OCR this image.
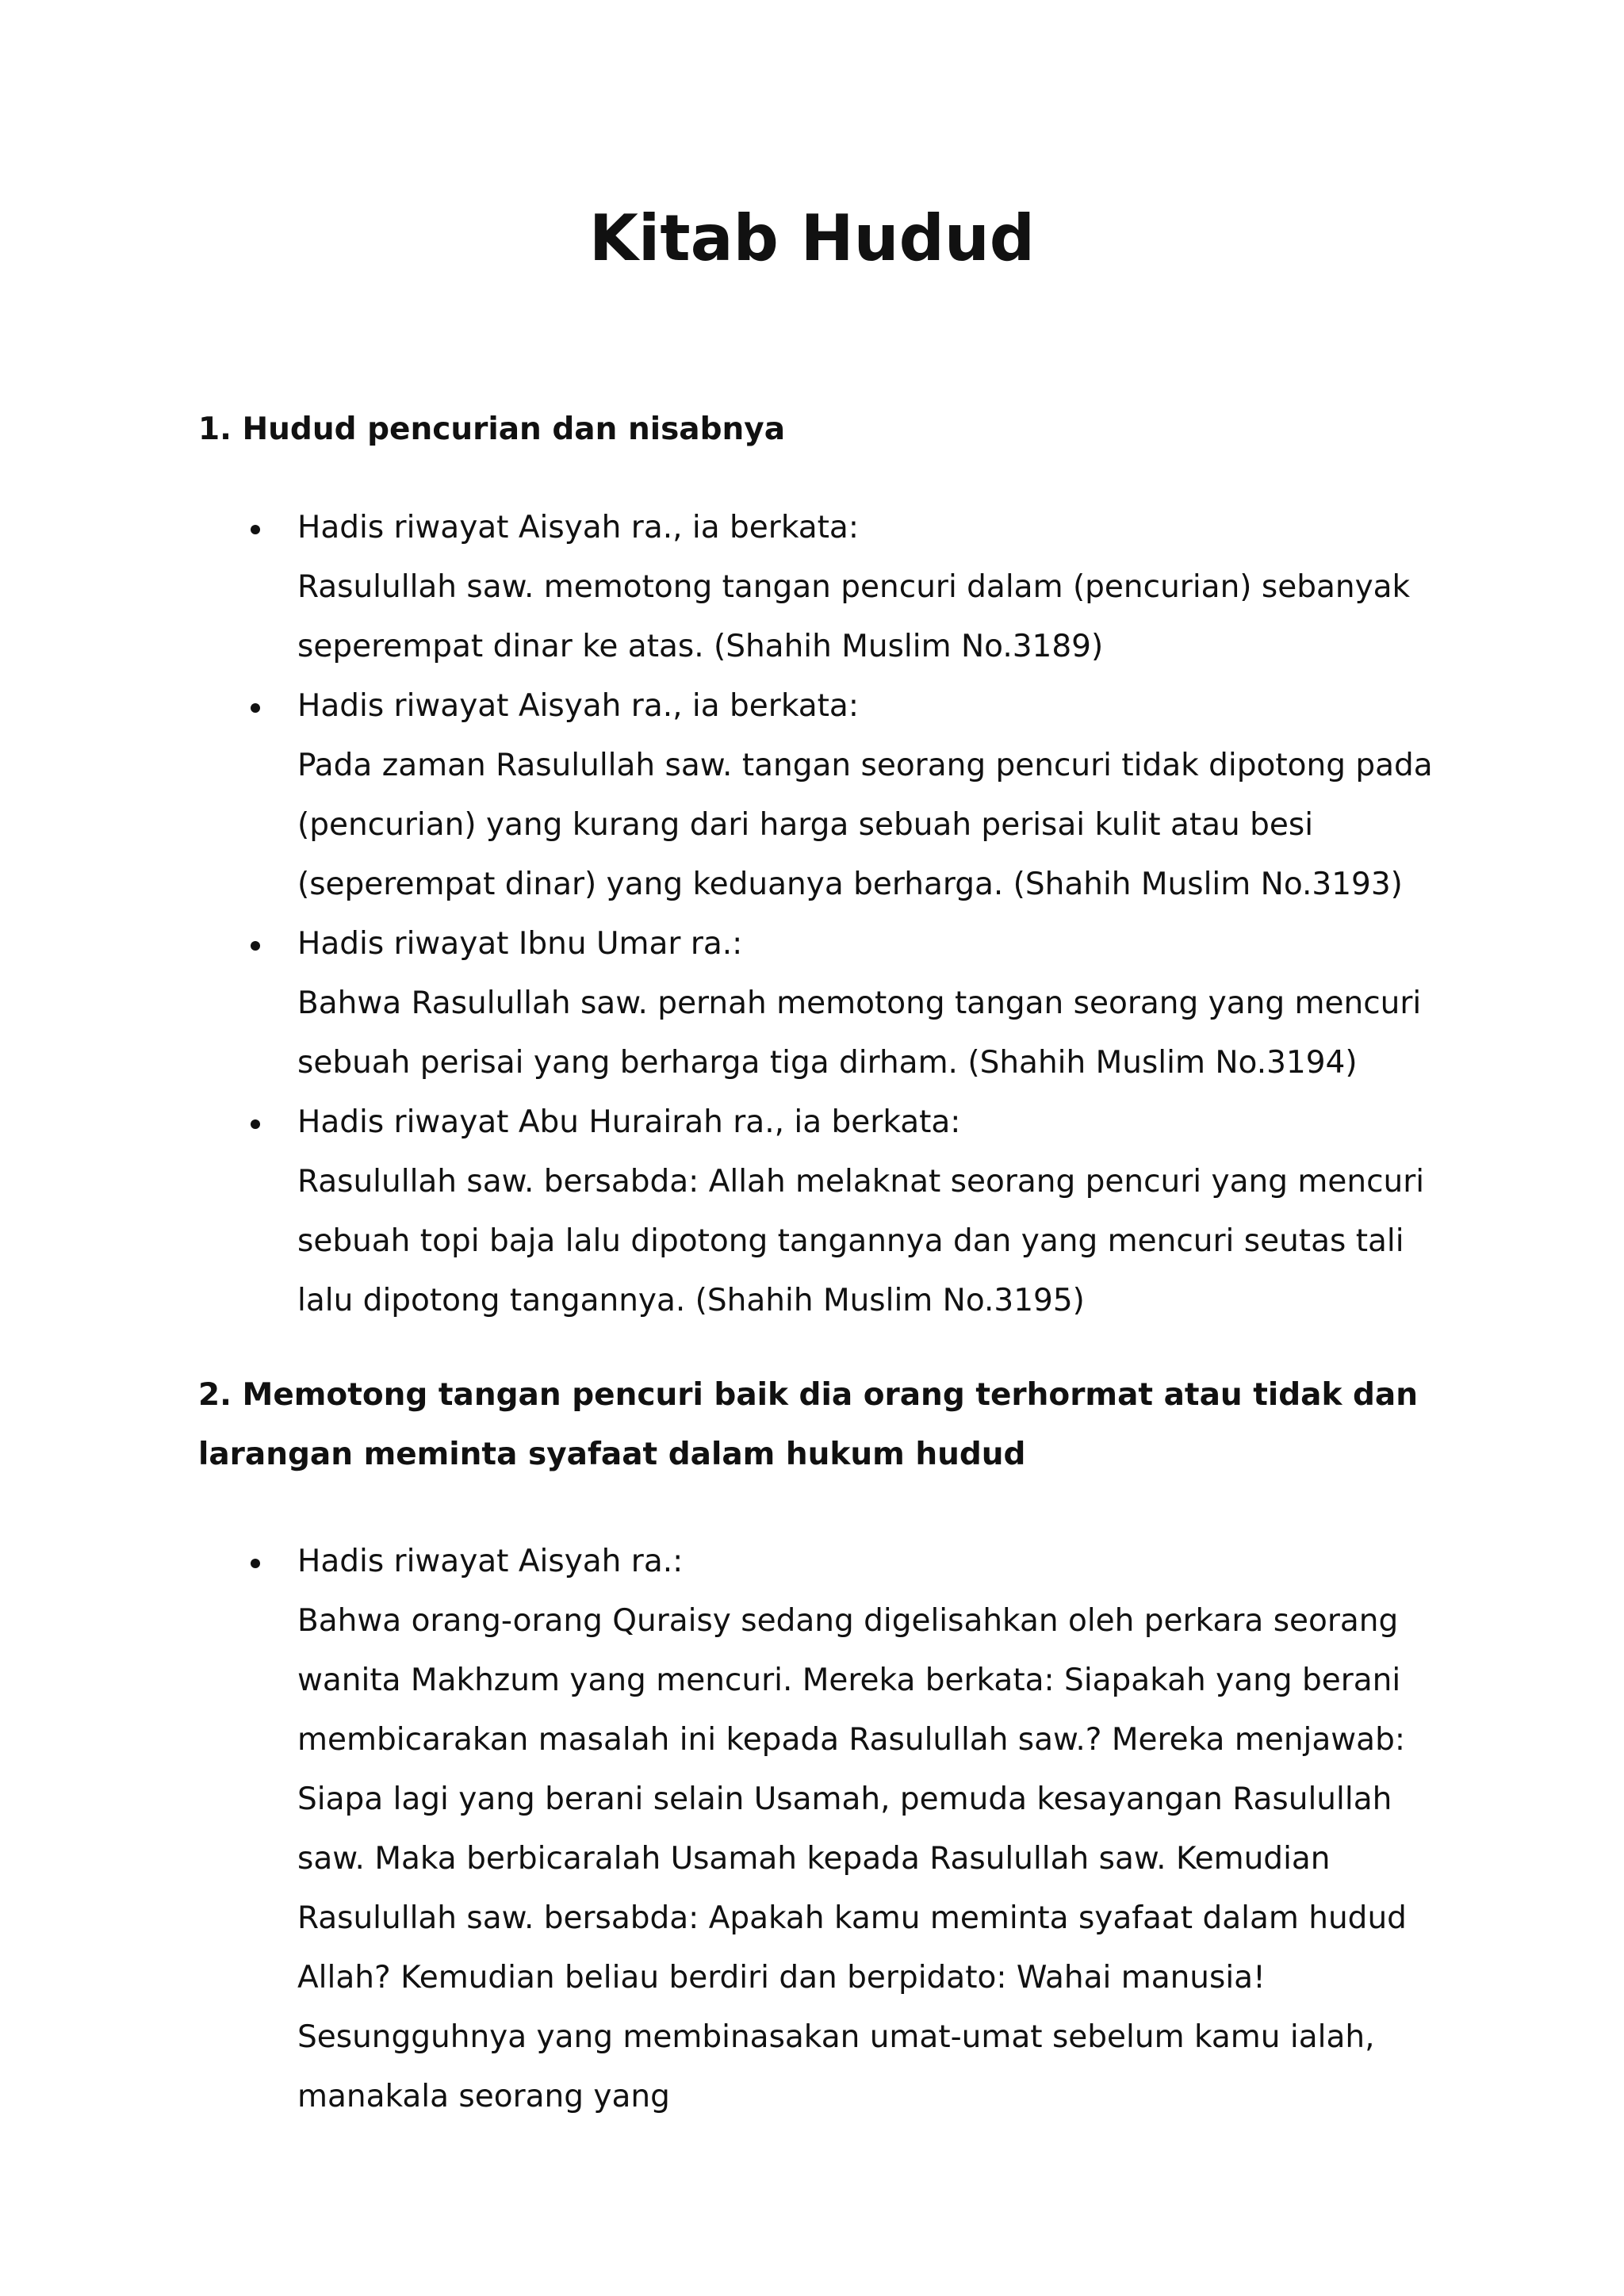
Kitab Hudud
1. Hudud pencurian dan nisabnya
Hadis riwayat Aisyah ra., ia berkata:
Rasulullah saw. memotong tangan pencuri dalam (pencurian) sebanyak seperempat dinar ke atas. (Shahih Muslim No.3189)
Hadis riwayat Aisyah ra., ia berkata:
Pada zaman Rasulullah saw. tangan seorang pencuri tidak dipotong pada (pencurian) yang kurang dari harga sebuah perisai kulit atau besi (seperempat dinar) yang keduanya berharga. (Shahih Muslim No.3193)
Hadis riwayat Ibnu Umar ra.:
Bahwa Rasulullah saw. pernah memotong tangan seorang yang mencuri sebuah perisai yang berharga tiga dirham. (Shahih Muslim No.3194)
Hadis riwayat Abu Hurairah ra., ia berkata:
Rasulullah saw. bersabda: Allah melaknat seorang pencuri yang mencuri sebuah topi baja lalu dipotong tangannya dan yang mencuri seutas tali lalu dipotong tangannya. (Shahih Muslim No.3195)
2. Memotong tangan pencuri baik dia orang terhormat atau tidak dan larangan meminta syafaat dalam hukum hudud
Hadis riwayat Aisyah ra.:
Bahwa orang-orang Quraisy sedang digelisahkan oleh perkara seorang wanita Makhzum yang mencuri. Mereka berkata: Siapakah yang berani membicarakan masalah ini kepada Rasulullah saw.? Mereka menjawab: Siapa lagi yang berani selain Usamah, pemuda kesayangan Rasulullah saw. Maka berbicaralah Usamah kepada Rasulullah saw. Kemudian Rasulullah saw. bersabda: Apakah kamu meminta syafaat dalam hudud Allah? Kemudian beliau berdiri dan berpidato: Wahai manusia! Sesungguhnya yang membinasakan umat-umat sebelum kamu ialah, manakala seorang yang
